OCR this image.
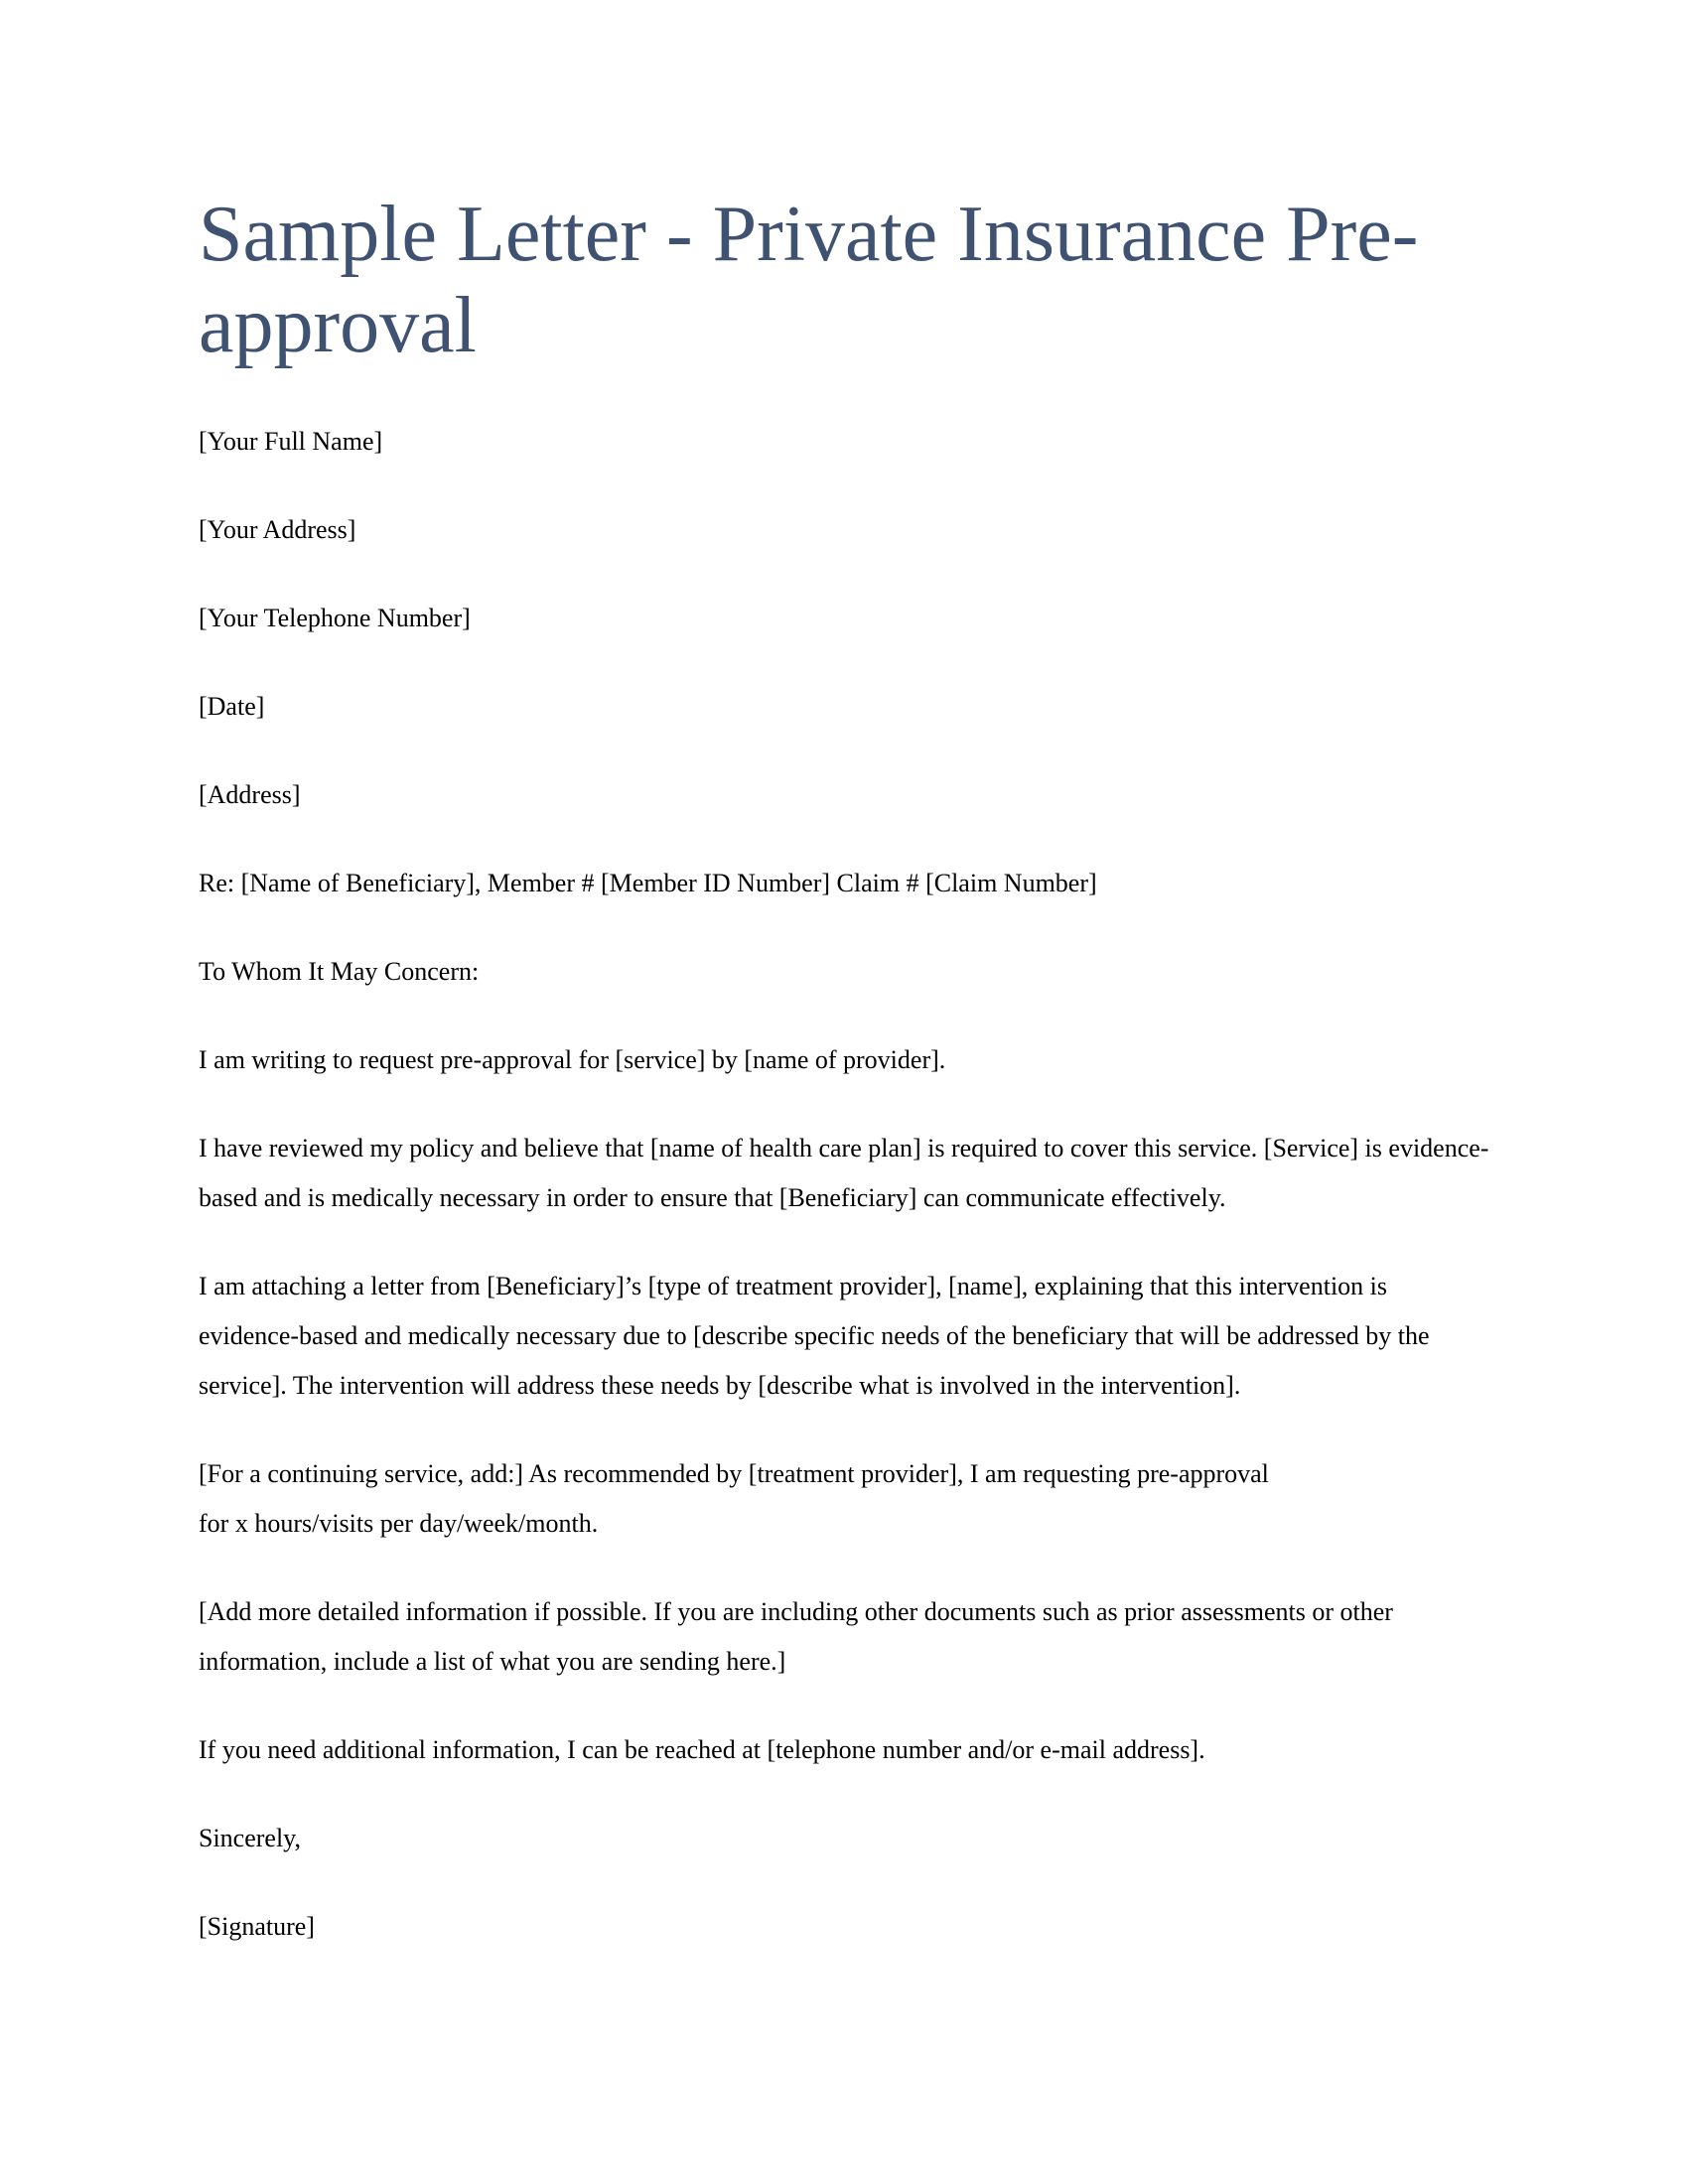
Sample Letter - Private Insurance Pre-
approval

[Your Full Name]

[Your Address]

[Your Telephone Number]

[Date]

[Address]

Re: [Name of Beneficiary], Member # [Member ID Number] Claim # [Claim Number]

To Whom It May Concern:

I am writing to request pre-approval for [service] by [name of provider].

I have reviewed my policy and believe that [name of health care plan] is required to cover this service. [Service] is evidence-based and is medically necessary in order to ensure that [Beneficiary] can communicate effectively.

I am attaching a letter from [Beneficiary]’s [type of treatment provider], [name], explaining that this intervention is evidence-based and medically necessary due to [describe specific needs of the beneficiary that will be addressed by the service]. The intervention will address these needs by [describe what is involved in the intervention].

[For a continuing service, add:] As recommended by [treatment provider], I am requesting pre-approval
for x hours/visits per day/week/month.

[Add more detailed information if possible. If you are including other documents such as prior assessments or other information, include a list of what you are sending here.]

If you need additional information, I can be reached at [telephone number and/or e-mail address].

Sincerely,

[Signature]
